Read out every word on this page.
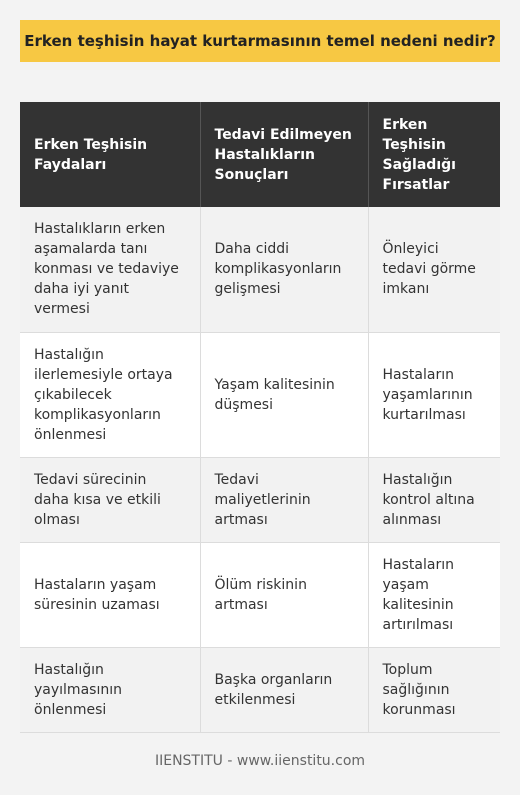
Erken teşhisin hayat kurtarmasının temel nedeni nedir?
Erken Teşhisin Faydaları	Tedavi Edilmeyen Hastalıkların Sonuçları	Erken Teşhisin Sağladığı Fırsatlar
Hastalıkların erken aşamalarda tanı konması ve tedaviye daha iyi yanıt vermesi	Daha ciddi komplikasyonların gelişmesi	Önleyici tedavi görme imkanı
Hastalığın ilerlemesiyle ortaya çıkabilecek komplikasyonların önlenmesi	Yaşam kalitesinin düşmesi	Hastaların yaşamlarının kurtarılması
Tedavi sürecinin daha kısa ve etkili olması	Tedavi maliyetlerinin artması	Hastalığın kontrol altına alınması
Hastaların yaşam süresinin uzaması	Ölüm riskinin artması	Hastaların yaşam kalitesinin artırılması
Hastalığın yayılmasının önlenmesi	Başka organların etkilenmesi	Toplum sağlığının korunması
IIENSTITU - www.iienstitu.com
